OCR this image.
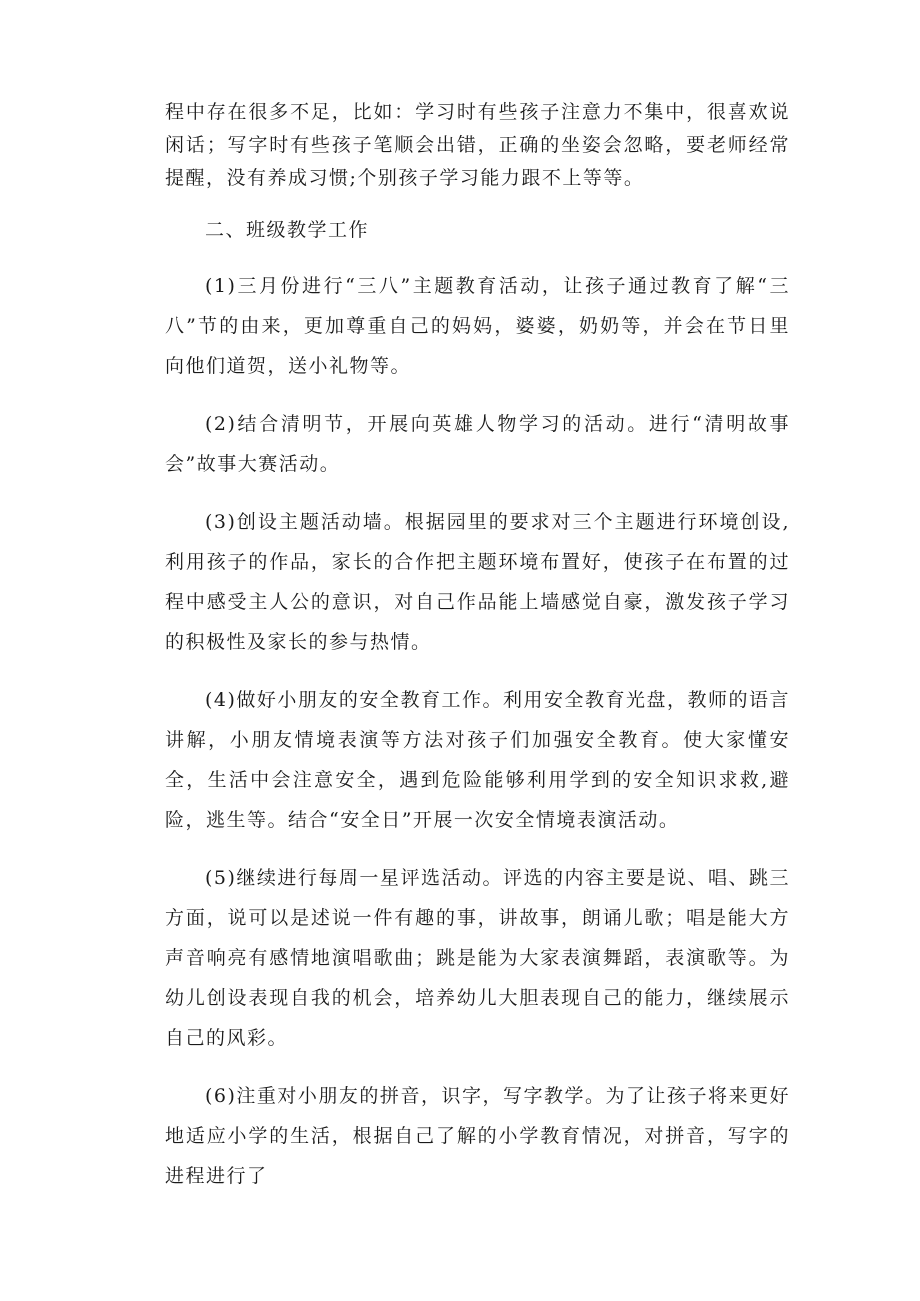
程中存在很多不足，比如：学习时有些孩子注意力不集中，很喜欢说闲话；写字时有些孩子笔顺会出错，正确的坐姿会忽略，要老师经常提醒，没有养成习惯;个别孩子学习能力跟不上等等。

二、班级教学工作

(1)三月份进行“三八”主题教育活动，让孩子通过教育了解“三八”节的由来，更加尊重自己的妈妈，婆婆，奶奶等，并会在节日里向他们道贺，送小礼物等。

(2)结合清明节，开展向英雄人物学习的活动。进行“清明故事会”故事大赛活动。

(3)创设主题活动墙。根据园里的要求对三个主题进行环境创设,利用孩子的作品，家长的合作把主题环境布置好，使孩子在布置的过程中感受主人公的意识，对自己作品能上墙感觉自豪，激发孩子学习的积极性及家长的参与热情。

(4)做好小朋友的安全教育工作。利用安全教育光盘，教师的语言讲解，小朋友情境表演等方法对孩子们加强安全教育。使大家懂安全，生活中会注意安全，遇到危险能够利用学到的安全知识求救,避险，逃生等。结合“安全日”开展一次安全情境表演活动。

(5)继续进行每周一星评选活动。评选的内容主要是说、唱、跳三方面，说可以是述说一件有趣的事，讲故事，朗诵儿歌；唱是能大方声音响亮有感情地演唱歌曲；跳是能为大家表演舞蹈，表演歌等。为幼儿创设表现自我的机会，培养幼儿大胆表现自己的能力，继续展示自己的风彩。

(6)注重对小朋友的拼音，识字，写字教学。为了让孩子将来更好地适应小学的生活，根据自己了解的小学教育情况，对拼音，写字的进程进行了
